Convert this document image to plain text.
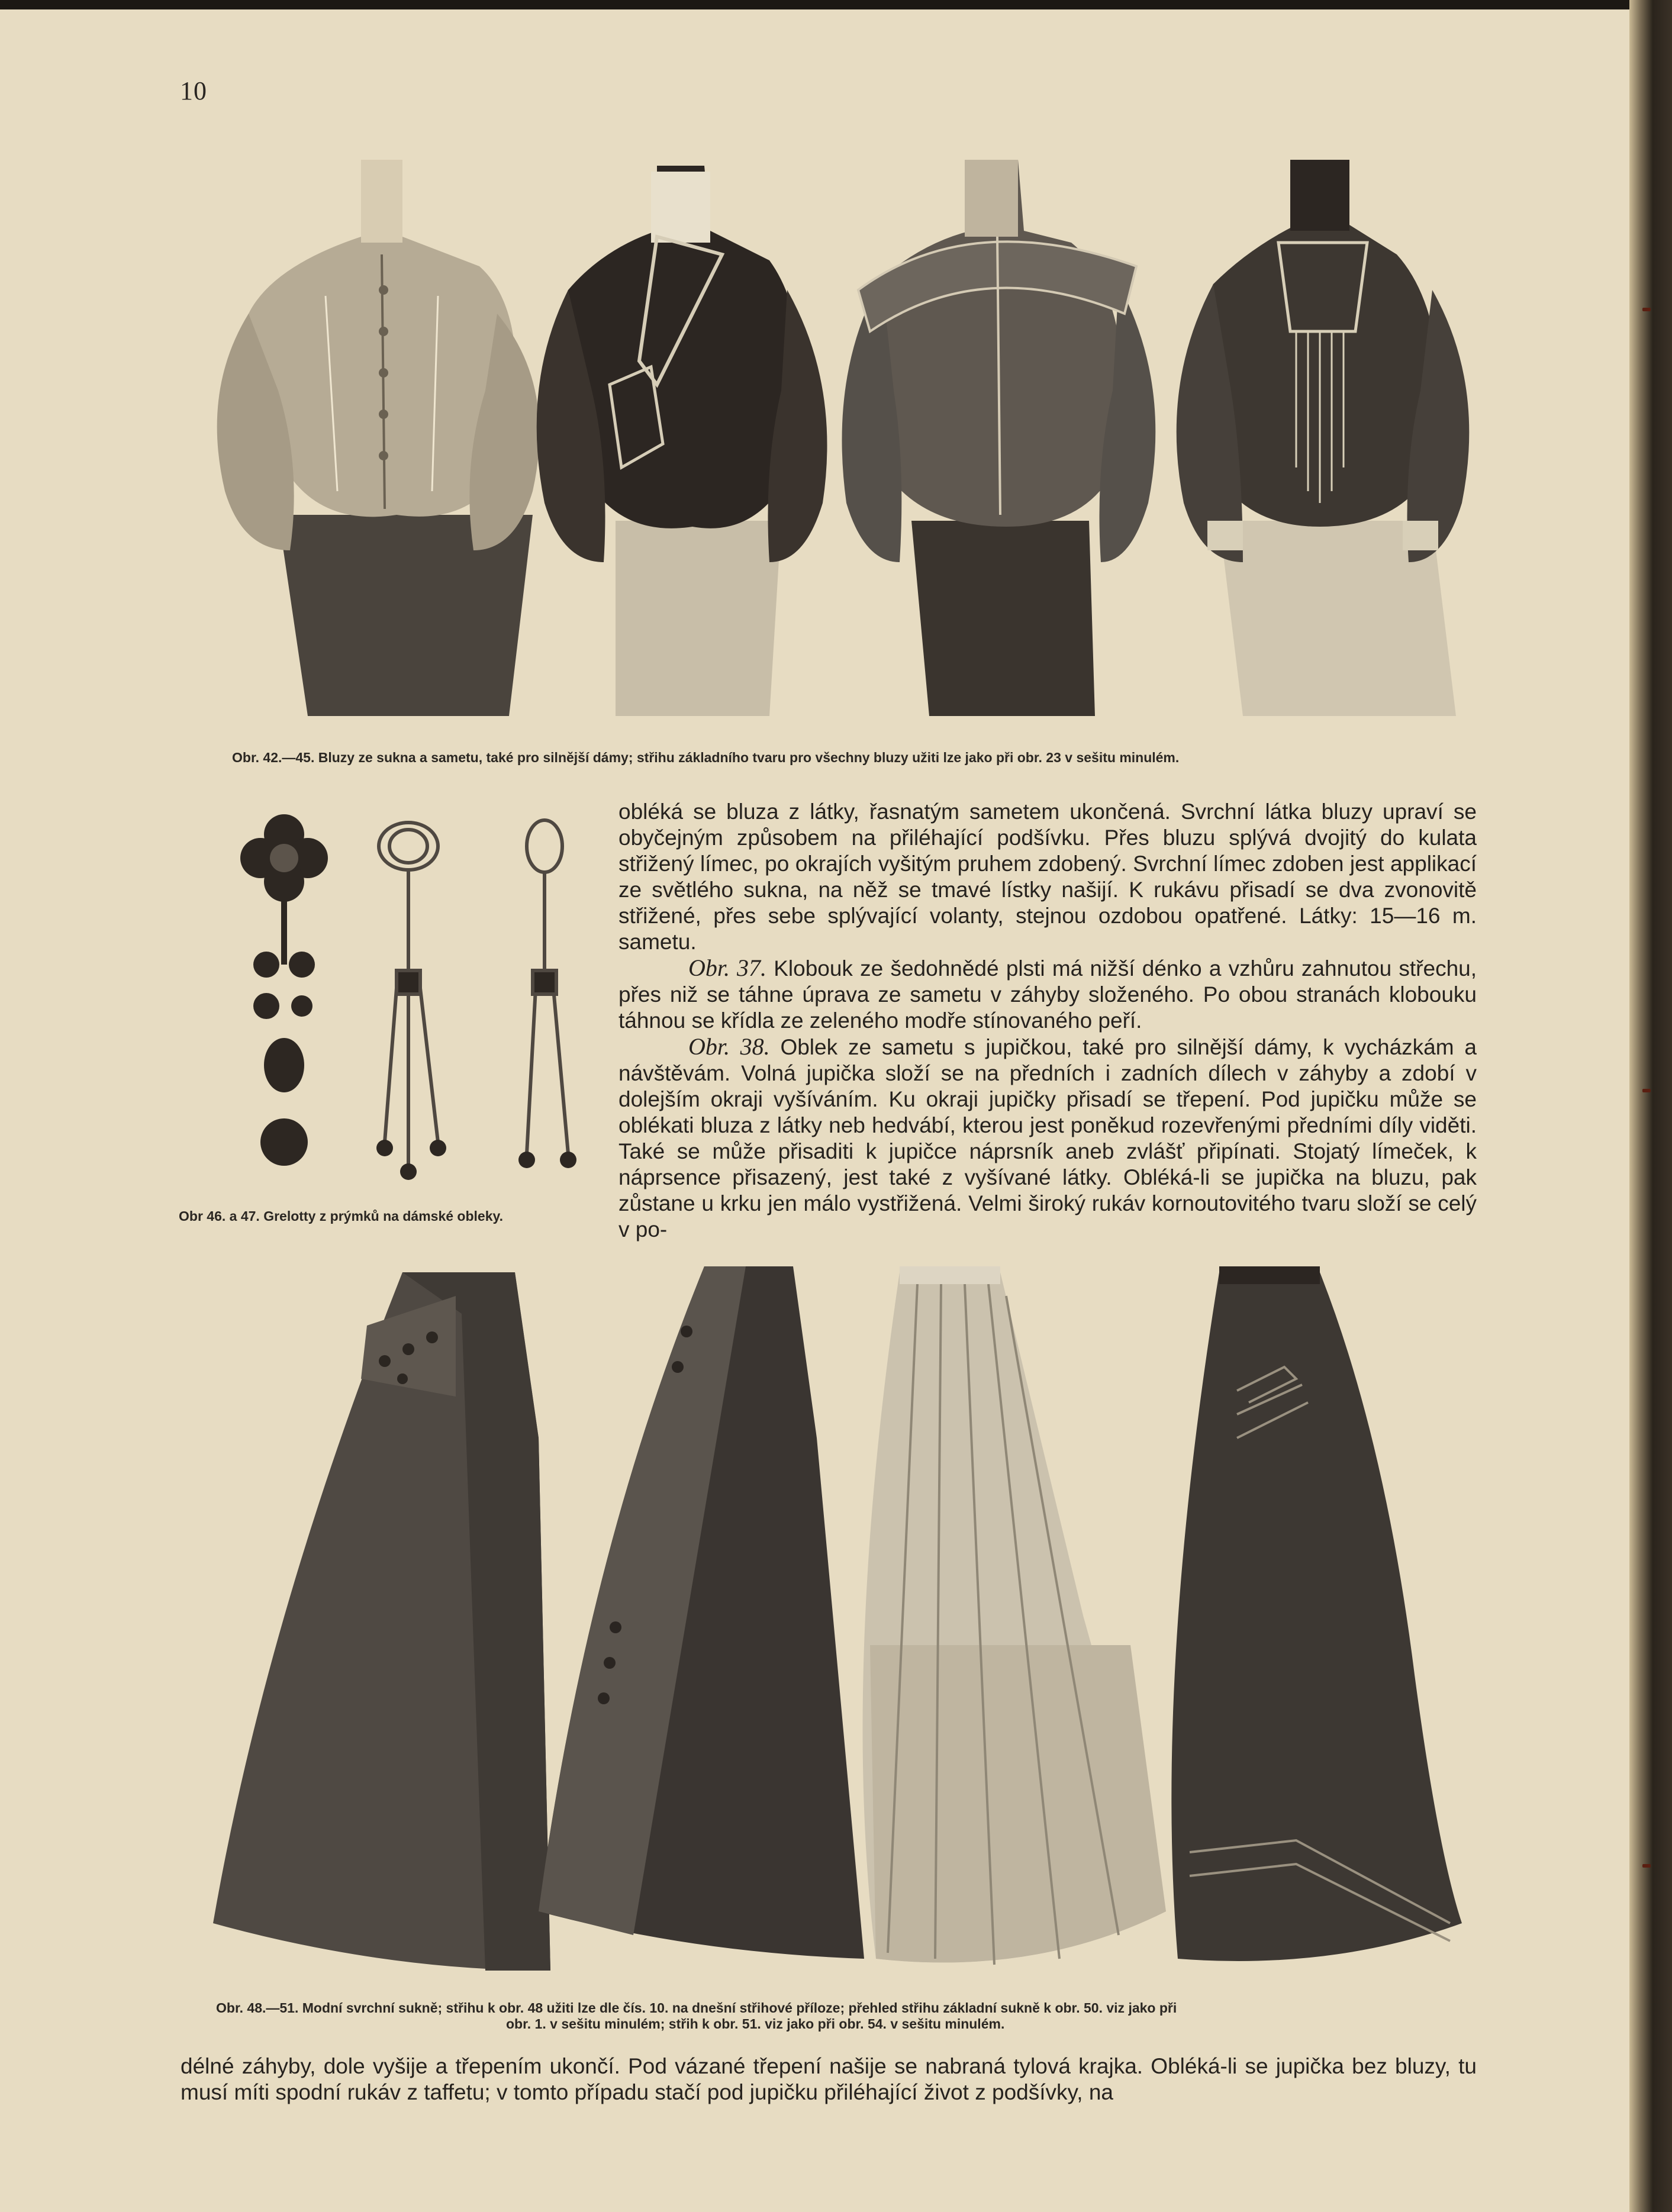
10
Obr. 42.—45. Bluzy ze sukna a sametu, také pro silnější dámy; střihu základního tvaru pro všechny bluzy užiti lze jako při obr. 23 v sešitu minulém.
Obr 46. a 47. Grelotty z prýmků na dámské obleky.

obléká se bluza z látky, řasnatým sametem ukončená. Svrchní látka bluzy upraví se obyčejným způsobem na přiléhající podšívku. Přes bluzu splývá dvojitý do kulata střižený límec, po okrajích vyšitým pruhem zdobený. Svrchní límec zdoben jest applikací ze světlého sukna, na něž se tmavé lístky našijí. K rukávu přisadí se dva zvonovitě střižené, přes sebe splývající volanty, stejnou ozdobou opatřené. Látky: 15—16 m. sametu.

Obr. 37. Klobouk ze šedohnědé plsti má nižší dénko a vzhůru zahnutou střechu, přes niž se táhne úprava ze sametu v záhyby složeného. Po obou stranách klobouku táhnou se křídla ze zeleného modře stínovaného peří.

Obr. 38. Oblek ze sametu s jupičkou, také pro silnější dámy, k vycházkám a návštěvám. Volná jupička složí se na předních i zadních dílech v záhyby a zdobí v dolejším okraji vyšíváním. Ku okraji jupičky přisadí se třepení. Pod jupičku může se oblékati bluza z látky neb hedvábí, kterou jest poněkud rozevřenými předními díly viděti. Také se může přisaditi k jupičce náprsník aneb zvlášť připínati. Stojatý límeček, k náprsence přisazený, jest také z vyšívané látky. Obléká-li se jupička na bluzu, pak zůstane u krku jen málo vystřižená. Velmi široký rukáv kornoutovitého tvaru složí se celý v po-

Obr. 48.—51. Modní svrchní sukně; střihu k obr. 48 užiti lze dle čís. 10. na dnešní střihové příloze; přehled střihu základní sukně k obr. 50. viz jako při
obr. 1. v sešitu minulém; střih k obr. 51. viz jako při obr. 54. v sešitu minulém.

délné záhyby, dole vyšije a třepením ukončí. Pod vázané třepení našije se nabraná tylová krajka. Obléká-li se jupička bez bluzy, tu musí míti spodní rukáv z taffetu; v tomto případu stačí pod jupičku přiléhající život z podšívky, na
